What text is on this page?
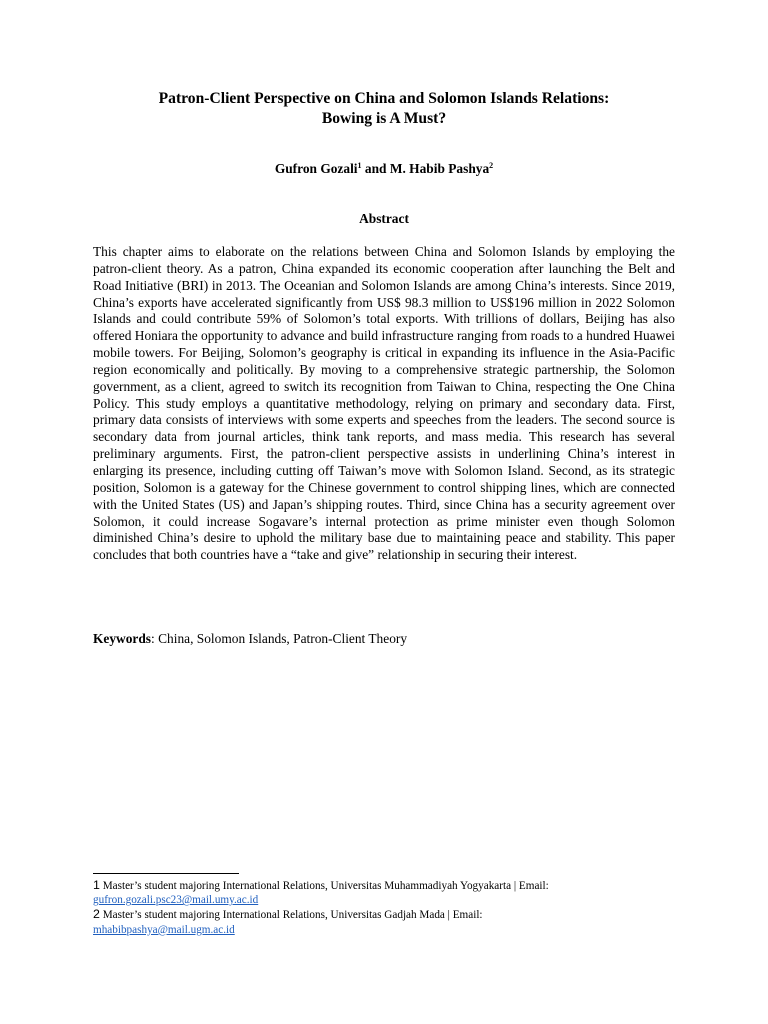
Patron-Client Perspective on China and Solomon Islands Relations:
Bowing is A Must?
Gufron Gozali$^1$ and M. Habib Pashya$^2$
Abstract

This chapter aims to elaborate on the relations between China and Solomon Islands by employing the patron-client theory. As a patron, China expanded its economic cooperation after launching the Belt and Road Initiative (BRI) in 2013. The Oceanian and Solomon Islands are among China’s interests. Since 2019, China’s exports have accelerated significantly from US$ 98.3 million to US$196 million in 2022 Solomon Islands and could contribute 59% of Solomon’s total exports. With trillions of dollars, Beijing has also offered Honiara the opportunity to advance and build infrastructure ranging from roads to a hundred Huawei mobile towers. For Beijing, Solomon’s geography is critical in expanding its influence in the Asia-Pacific region economically and politically. By moving to a comprehensive strategic partnership, the Solomon government, as a client, agreed to switch its recognition from Taiwan to China, respecting the One China Policy. This study employs a quantitative methodology, relying on primary and secondary data. First, primary data consists of interviews with some experts and speeches from the leaders. The second source is secondary data from journal articles, think tank reports, and mass media. This research has several preliminary arguments. First, the patron-client perspective assists in underlining China’s interest in enlarging its presence, including cutting off Taiwan’s move with Solomon Island. Second, as its strategic position, Solomon is a gateway for the Chinese government to control shipping lines, which are connected with the United States (US) and Japan’s shipping routes. Third, since China has a security agreement over Solomon, it could increase Sogavare’s internal protection as prime minister even though Solomon diminished China’s desire to uphold the military base due to maintaining peace and stability. This paper concludes that both countries have a “take and give” relationship in securing their interest.

Keywords: China, Solomon Islands, Patron-Client Theory

1 Master’s student majoring International Relations, Universitas Muhammadiyah Yogyakarta | Email:
gufron.gozali.psc23@mail.umy.ac.id

2 Master’s student majoring International Relations, Universitas Gadjah Mada | Email:
mhabibpashya@mail.ugm.ac.id
